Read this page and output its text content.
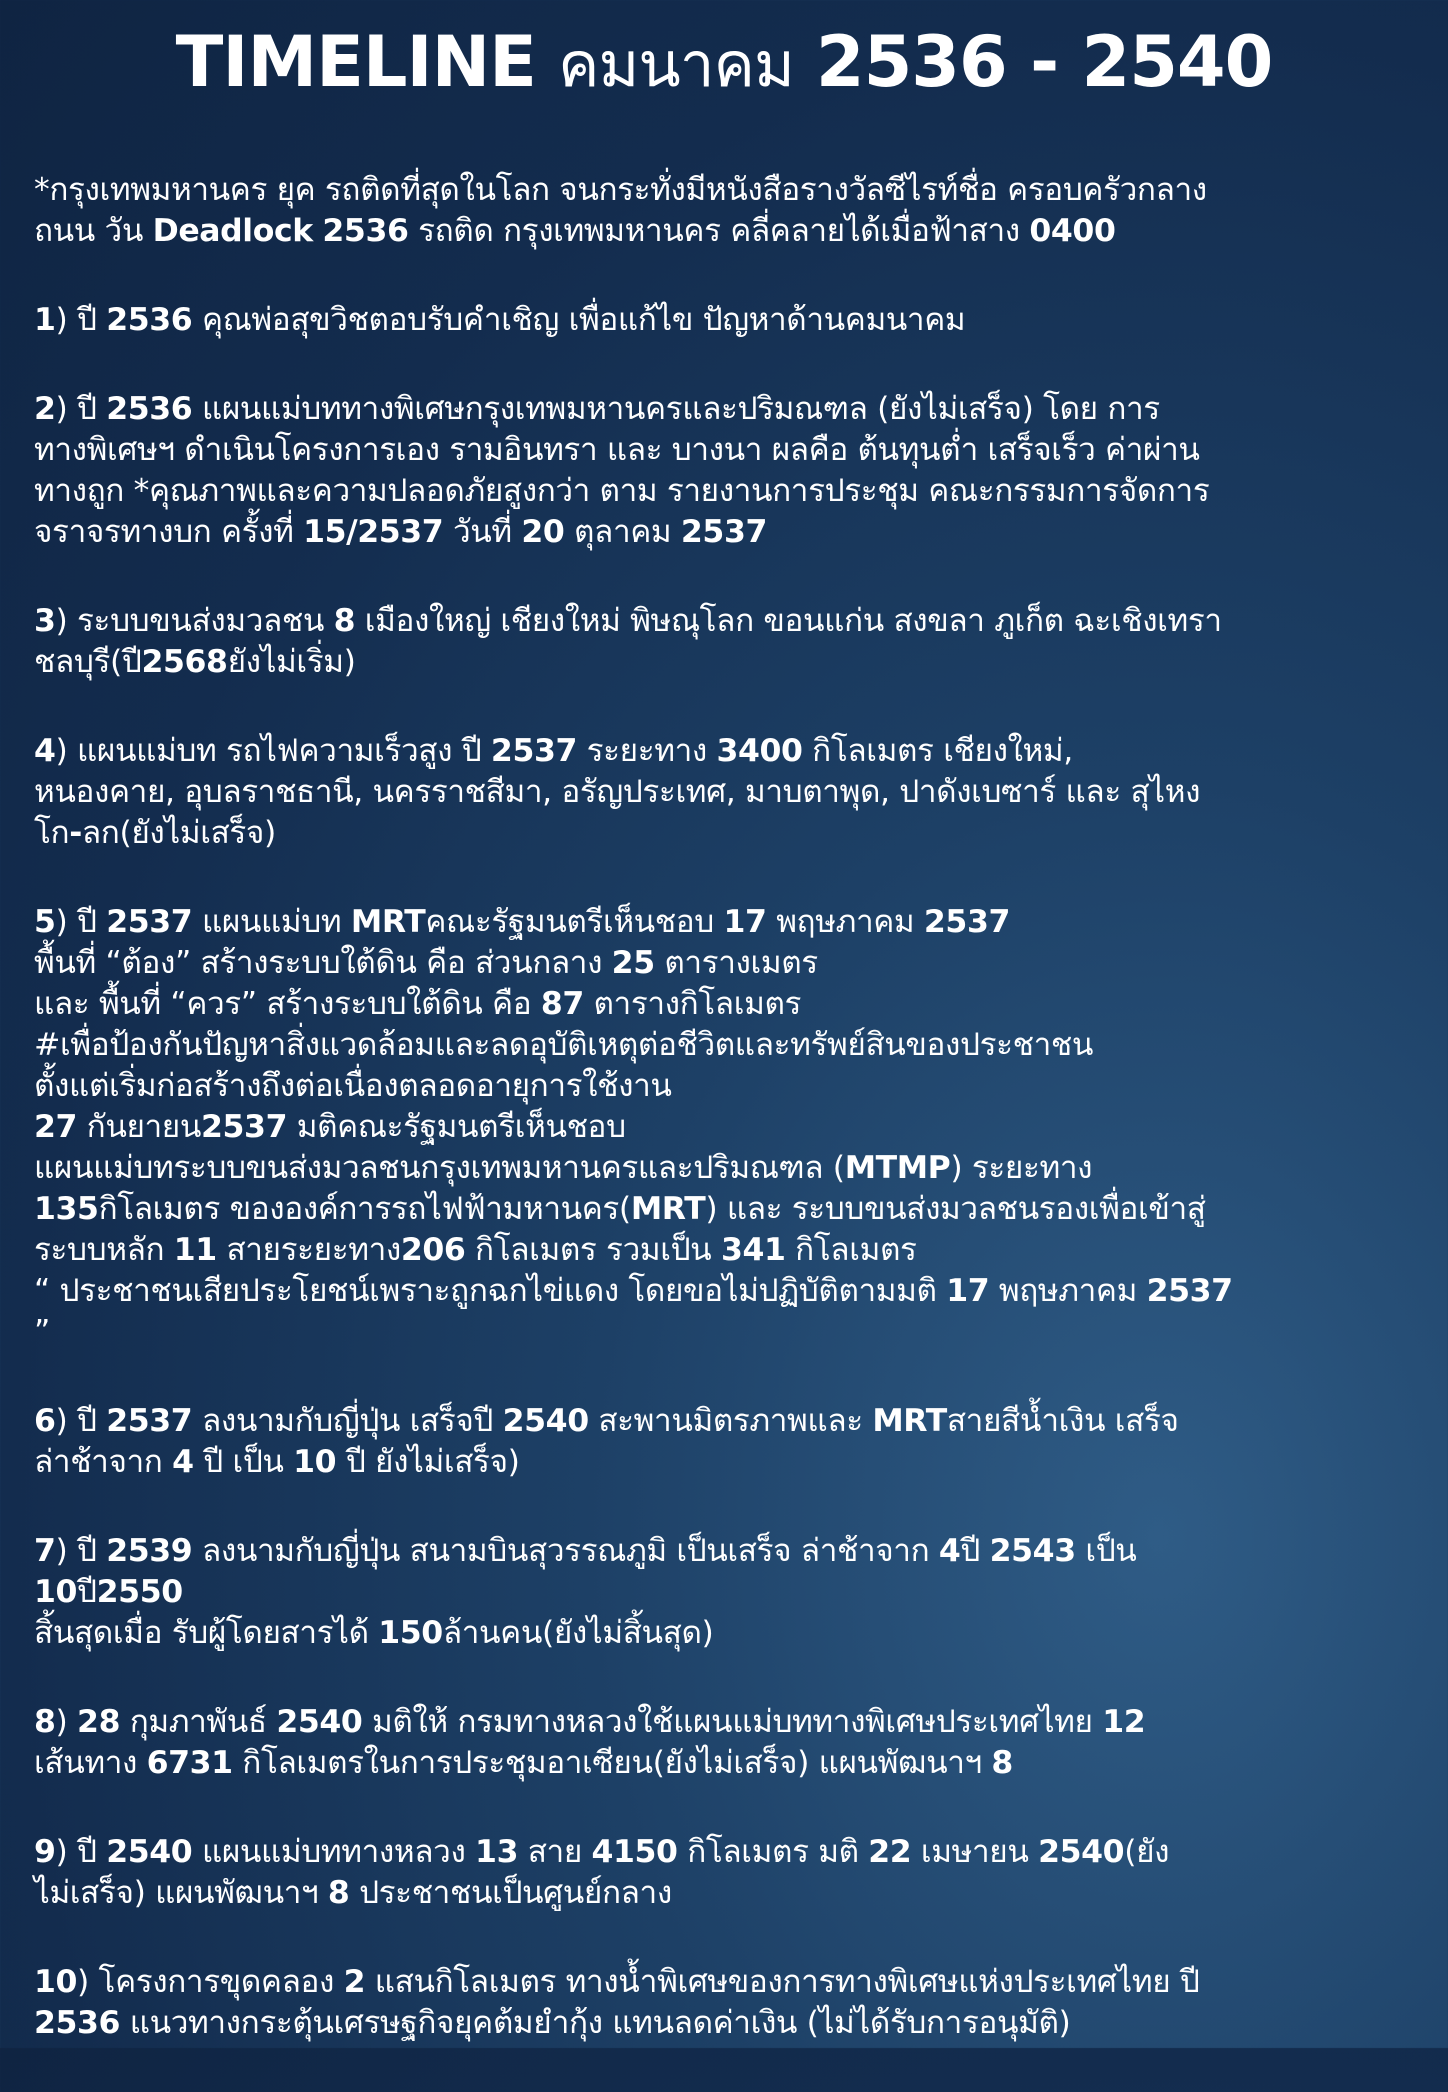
TIMELINE คมนาคม 2536 - 2540
*กรุงเทพมหานคร ยุค รถติดที่สุดในโลก จนกระทั่งมีหนังสือรางวัลซีไรท์ชื่อ ครอบครัวกลาง
ถนน วัน Deadlock 2536 รถติด กรุงเทพมหานคร คลี่คลายได้เมื่อฟ้าสาง 0400
1) ปี 2536 คุณพ่อสุขวิชตอบรับคำเชิญ เพื่อแก้ไข ปัญหาด้านคมนาคม
2) ปี 2536 แผนแม่บททางพิเศษกรุงเทพมหานครและปริมณฑล (ยังไม่เสร็จ) โดย การ
ทางพิเศษฯ ดำเนินโครงการเอง รามอินทรา และ บางนา ผลคือ ต้นทุนต่ำ เสร็จเร็ว ค่าผ่าน
ทางถูก *คุณภาพและความปลอดภัยสูงกว่า ตาม รายงานการประชุม คณะกรรมการจัดการ
จราจรทางบก ครั้งที่ 15/2537 วันที่ 20 ตุลาคม 2537
3) ระบบขนส่งมวลชน 8 เมืองใหญ่ เชียงใหม่ พิษณุโลก ขอนแก่น สงขลา ภูเก็ต ฉะเชิงเทรา
ชลบุรี(ปี2568ยังไม่เริ่ม)
4) แผนแม่บท รถไฟความเร็วสูง ปี 2537 ระยะทาง 3400 กิโลเมตร เชียงใหม่,
หนองคาย, อุบลราชธานี, นครราชสีมา, อรัญประเทศ, มาบตาพุด, ปาดังเบซาร์ และ สุไหง
โก-ลก(ยังไม่เสร็จ)
5) ปี 2537 แผนแม่บท MRTคณะรัฐมนตรีเห็นชอบ 17 พฤษภาคม 2537
พื้นที่ “ต้อง” สร้างระบบใต้ดิน คือ ส่วนกลาง 25 ตารางเมตร
และ พื้นที่ “ควร” สร้างระบบใต้ดิน คือ 87 ตารางกิโลเมตร
#เพื่อป้องกันปัญหาสิ่งแวดล้อมและลดอุบัติเหตุต่อชีวิตและทรัพย์สินของประชาชน
ตั้งแต่เริ่มก่อสร้างถึงต่อเนื่องตลอดอายุการใช้งาน
27 กันยายน2537 มติคณะรัฐมนตรีเห็นชอบ
แผนแม่บทระบบขนส่งมวลชนกรุงเทพมหานครและปริมณฑล (MTMP) ระยะทาง
135กิโลเมตร ขององค์การรถไฟฟ้ามหานคร(MRT) และ ระบบขนส่งมวลชนรองเพื่อเข้าสู่
ระบบหลัก 11 สายระยะทาง206 กิโลเมตร รวมเป็น 341 กิโลเมตร
“ ประชาชนเสียประโยชน์เพราะถูกฉกไข่แดง โดยขอไม่ปฏิบัติตามมติ 17 พฤษภาคม 2537
”
6) ปี 2537 ลงนามกับญี่ปุ่น เสร็จปี 2540 สะพานมิตรภาพและ MRTสายสีน้ำเงิน เสร็จ
ล่าช้าจาก 4 ปี เป็น 10 ปี ยังไม่เสร็จ)
7) ปี 2539 ลงนามกับญี่ปุ่น สนามบินสุวรรณภูมิ เป็นเสร็จ ล่าช้าจาก 4ปี 2543 เป็น
10ปี2550
สิ้นสุดเมื่อ รับผู้โดยสารได้ 150ล้านคน(ยังไม่สิ้นสุด)
8) 28 กุมภาพันธ์ 2540 มติให้ กรมทางหลวงใช้แผนแม่บททางพิเศษประเทศไทย 12
เส้นทาง 6731 กิโลเมตรในการประชุมอาเซียน(ยังไม่เสร็จ) แผนพัฒนาฯ 8
9) ปี 2540 แผนแม่บททางหลวง 13 สาย 4150 กิโลเมตร มติ 22 เมษายน 2540(ยัง
ไม่เสร็จ) แผนพัฒนาฯ 8 ประชาชนเป็นศูนย์กลาง
10) โครงการขุดคลอง 2 แสนกิโลเมตร ทางน้ำพิเศษของการทางพิเศษแห่งประเทศไทย ปี
2536 แนวทางกระตุ้นเศรษฐกิจยุคต้มยำกุ้ง แทนลดค่าเงิน (ไม่ได้รับการอนุมัติ)
